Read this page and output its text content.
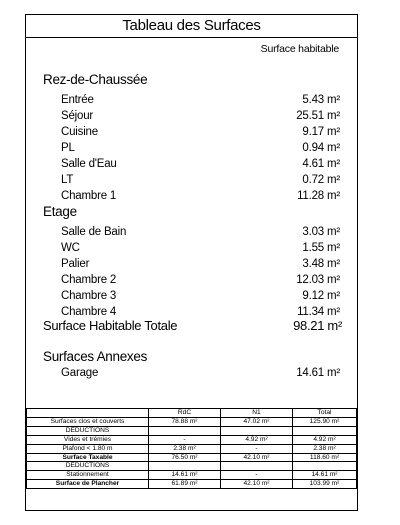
Tableau des Surfaces
Surface habitable
Rez-de-Chaussée
Entrée	5.43 m²
Séjour	25.51 m²
Cuisine	9.17 m²
PL	0.94 m²
Salle d'Eau	4.61 m²
LT	0.72 m²
Chambre 1	11.28 m²
Etage
Salle de Bain	3.03 m²
WC	1.55 m²
Palier	3.48 m²
Chambre 2	12.03 m²
Chambre 3	9.12 m²
Chambre 4	11.34 m²
Surface Habitable Totale	98.21 m²
Surfaces Annexes
Garage	14.61 m²
	RdC	N1	Total
Surfaces clos et couverts	78.88 m²	47.02 m²	125.90 m²
DEDUCTIONS			
Vides et trémies	-	4.92 m²	4.92 m²
Plafond < 1.80 m	2.38 m²	-	2.38 m²
Surface Taxable	76.50 m²	42.10 m²	118.60 m²
DEDUCTIONS			
Stationnement	14.61 m²	-	14.61 m²
Surface de Plancher	61.89 m²	42.10 m²	103.99 m²
